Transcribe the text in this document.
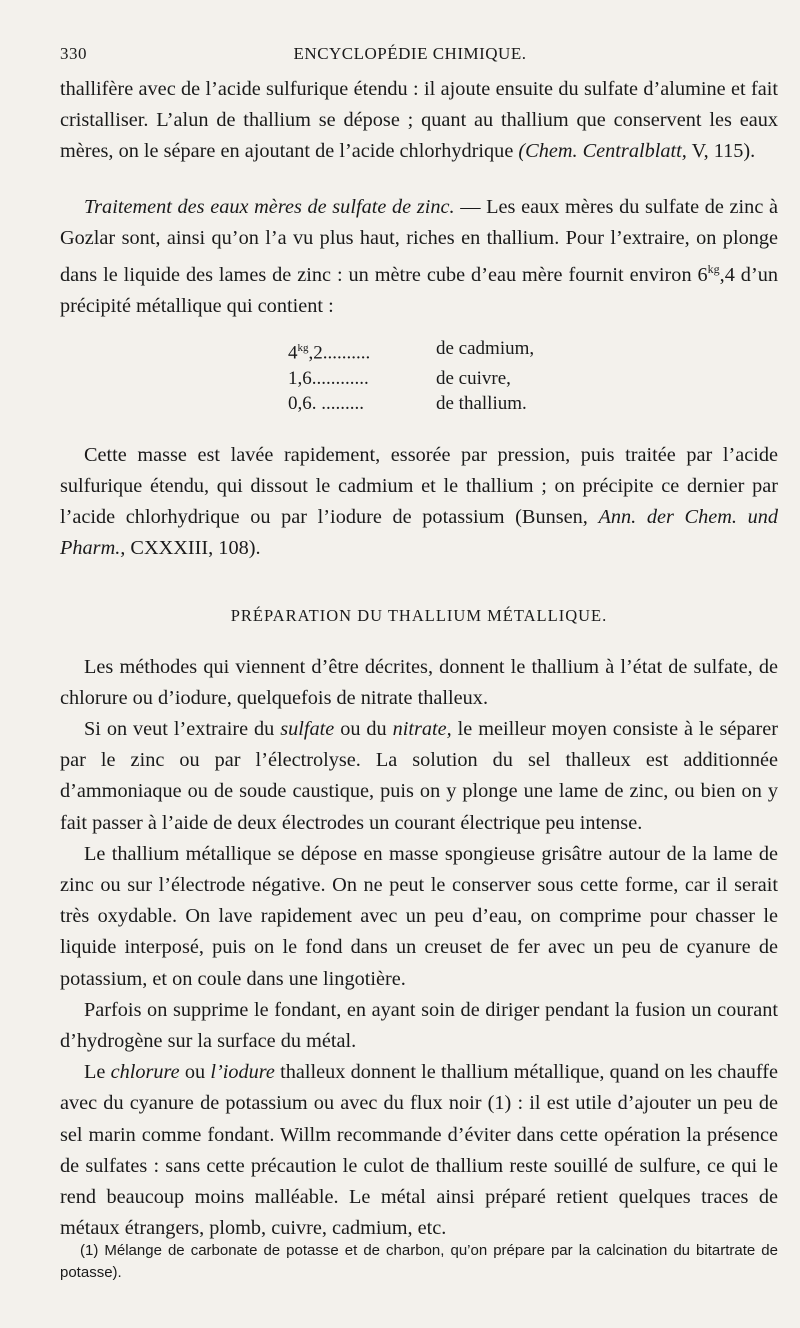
330	ENCYCLOPÉDIE CHIMIQUE.

thallifère avec de l’acide sulfurique étendu : il ajoute ensuite du sulfate d’alumine et fait cristalliser. L’alun de thallium se dépose ; quant au thallium que conservent les eaux mères, on le sépare en ajoutant de l’acide chlorhydrique (Chem. Centralblatt, V, 115).

Traitement des eaux mères de sulfate de zinc. — Les eaux mères du sulfate de zinc à Gozlar sont, ainsi qu’on l’a vu plus haut, riches en thallium. Pour l’extraire, on plonge dans le liquide des lames de zinc : un mètre cube d’eau mère fournit environ $6^{kg},4$ d’un précipité métallique qui contient :

$4^{kg},2$..........	de cadmium,
1,6............	de cuivre,
0,6. .........	de thallium.

Cette masse est lavée rapidement, essorée par pression, puis traitée par l’acide sulfurique étendu, qui dissout le cadmium et le thallium ; on précipite ce dernier par l’acide chlorhydrique ou par l’iodure de potassium (Bunsen, Ann. der Chem. und Pharm., CXXXIII, 108).

PRÉPARATION DU THALLIUM MÉTALLIQUE.

Les méthodes qui viennent d’être décrites, donnent le thallium à l’état de sulfate, de chlorure ou d’iodure, quelquefois de nitrate thalleux.

Si on veut l’extraire du sulfate ou du nitrate, le meilleur moyen consiste à le séparer par le zinc ou par l’électrolyse. La solution du sel thalleux est additionnée d’ammoniaque ou de soude caustique, puis on y plonge une lame de zinc, ou bien on y fait passer à l’aide de deux électrodes un courant électrique peu intense.

Le thallium métallique se dépose en masse spongieuse grisâtre autour de la lame de zinc ou sur l’électrode négative. On ne peut le conserver sous cette forme, car il serait très oxydable. On lave rapidement avec un peu d’eau, on comprime pour chasser le liquide interposé, puis on le fond dans un creuset de fer avec un peu de cyanure de potassium, et on coule dans une lingotière.

Parfois on supprime le fondant, en ayant soin de diriger pendant la fusion un courant d’hydrogène sur la surface du métal.

Le chlorure ou l’iodure thalleux donnent le thallium métallique, quand on les chauffe avec du cyanure de potassium ou avec du flux noir (1) : il est utile d’ajouter un peu de sel marin comme fondant. Willm recommande d’éviter dans cette opération la présence de sulfates : sans cette précaution le culot de thallium reste souillé de sulfure, ce qui le rend beaucoup moins malléable. Le métal ainsi préparé retient quelques traces de métaux étrangers, plomb, cuivre, cadmium, etc.

(1) Mélange de carbonate de potasse et de charbon, qu’on prépare par la calcination du bitartrate de potasse).
